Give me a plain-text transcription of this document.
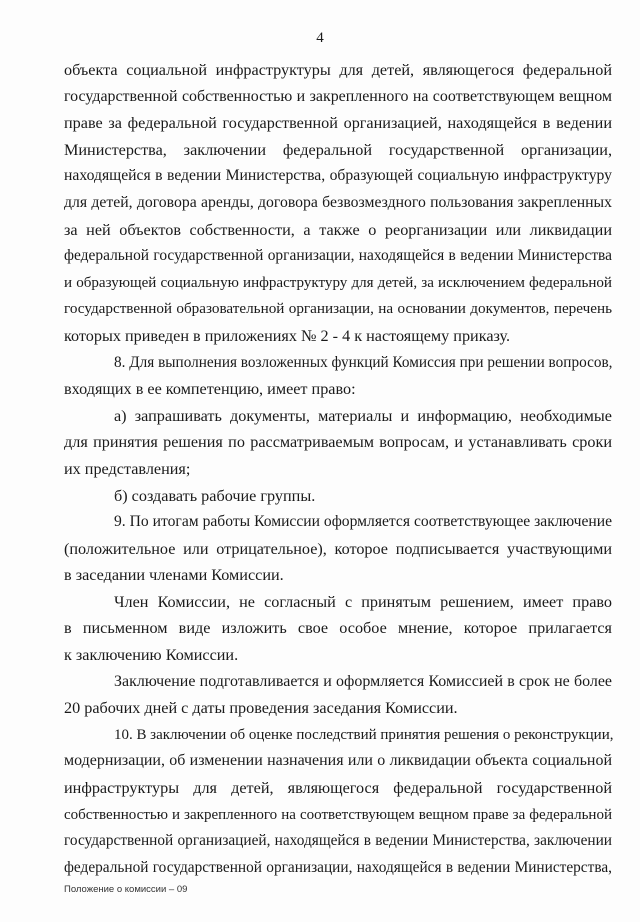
4
объекта социальной инфраструктуры для детей, являющегося федеральной
государственной собственностью и закрепленного на соответствующем вещном
праве за федеральной государственной организацией, находящейся в ведении
Министерства, заключении федеральной государственной организации,
находящейся в ведении Министерства, образующей социальную инфраструктуру
для детей, договора аренды, договора безвозмездного пользования закрепленных
за ней объектов собственности, а также о реорганизации или ликвидации
федеральной государственной организации, находящейся в ведении Министерства
и образующей социальную инфраструктуру для детей, за исключением федеральной
государственной образовательной организации, на основании документов, перечень
которых приведен в приложениях № 2 - 4 к настоящему приказу.
8. Для выполнения возложенных функций Комиссия при решении вопросов,
входящих в ее компетенцию, имеет право:
а) запрашивать документы, материалы и информацию, необходимые
для принятия решения по рассматриваемым вопросам, и устанавливать сроки
их представления;
б) создавать рабочие группы.
9. По итогам работы Комиссии оформляется соответствующее заключение
(положительное или отрицательное), которое подписывается участвующими
в заседании членами Комиссии.
Член Комиссии, не согласный с принятым решением, имеет право
в письменном виде изложить свое особое мнение, которое прилагается
к заключению Комиссии.
Заключение подготавливается и оформляется Комиссией в срок не более
20 рабочих дней с даты проведения заседания Комиссии.
10. В заключении об оценке последствий принятия решения о реконструкции,
модернизации, об изменении назначения или о ликвидации объекта социальной
инфраструктуры для детей, являющегося федеральной государственной
собственностью и закрепленного на соответствующем вещном праве за федеральной
государственной организацией, находящейся в ведении Министерства, заключении
федеральной государственной организации, находящейся в ведении Министерства,
Положение о комиссии – 09
